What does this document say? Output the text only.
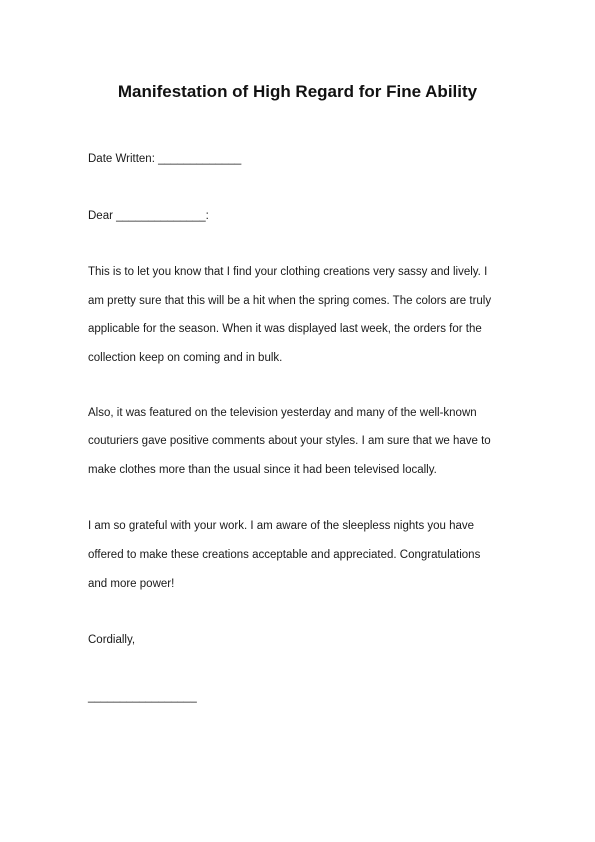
Manifestation of High Regard for Fine Ability

Date Written: _____________

Dear ______________:

This is to let you know that I find your clothing creations very sassy and lively. I

am pretty sure that this will be a hit when the spring comes. The colors are truly

applicable for the season. When it was displayed last week, the orders for the

collection keep on coming and in bulk.

Also, it was featured on the television yesterday and many of the well-known

couturiers gave positive comments about your styles. I am sure that we have to

make clothes more than the usual since it had been televised locally.

I am so grateful with your work. I am aware of the sleepless nights you have

offered to make these creations acceptable and appreciated. Congratulations

and more power!

Cordially,

_________________
